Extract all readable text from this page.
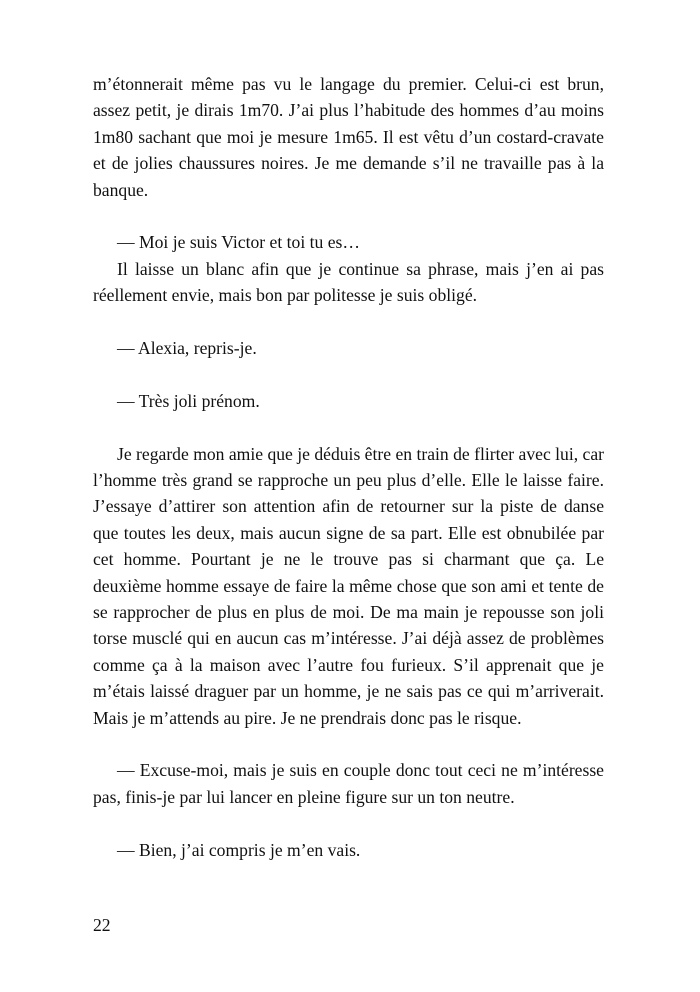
m’étonnerait même pas vu le langage du premier. Celui-ci est brun, assez petit, je dirais 1m70. J’ai plus l’habitude des hommes d’au moins 1m80 sachant que moi je mesure 1m65. Il est vêtu d’un costard-cravate et de jolies chaussures noires. Je me demande s’il ne travaille pas à la banque.

— Moi je suis Victor et toi tu es…

Il laisse un blanc afin que je continue sa phrase, mais j’en ai pas réellement envie, mais bon par politesse je suis obligé.

— Alexia, repris-je.

— Très joli prénom.

Je regarde mon amie que je déduis être en train de flirter avec lui, car l’homme très grand se rapproche un peu plus d’elle. Elle le laisse faire. J’essaye d’attirer son attention afin de retourner sur la piste de danse que toutes les deux, mais aucun signe de sa part. Elle est obnubilée par cet homme. Pourtant je ne le trouve pas si charmant que ça. Le deuxième homme essaye de faire la même chose que son ami et tente de se rapprocher de plus en plus de moi. De ma main je repousse son joli torse musclé qui en aucun cas m’intéresse. J’ai déjà assez de problèmes comme ça à la maison avec l’autre fou furieux. S’il apprenait que je m’étais laissé draguer par un homme, je ne sais pas ce qui m’arriverait. Mais je m’attends au pire. Je ne prendrais donc pas le risque.

— Excuse-moi, mais je suis en couple donc tout ceci ne m’intéresse pas, finis-je par lui lancer en pleine figure sur un ton neutre.

— Bien, j’ai compris je m’en vais.

22
